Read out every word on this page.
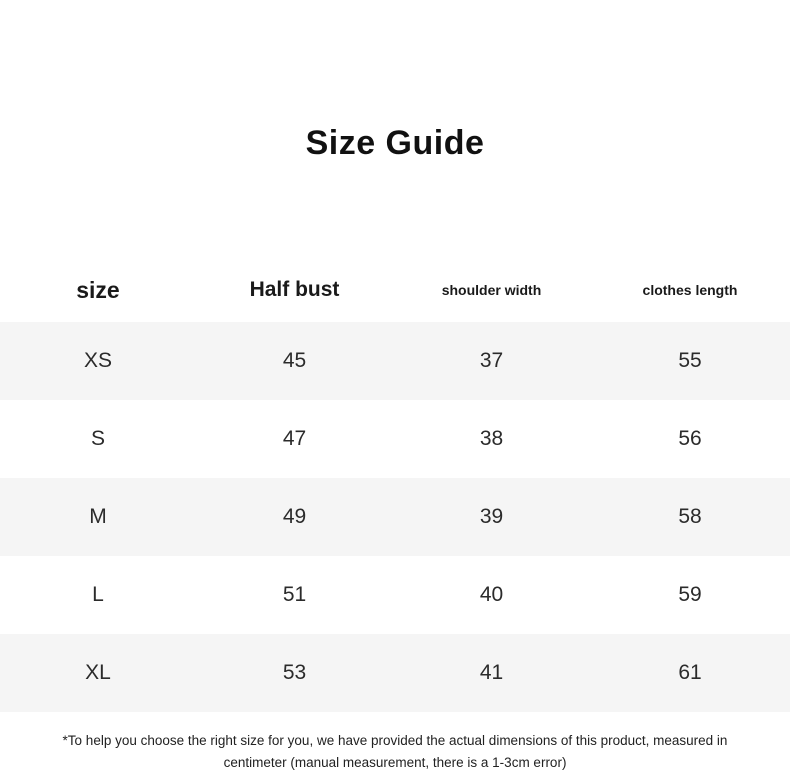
Size Guide
size	Half bust	shoulder width	clothes length
XS	45	37	55
S	47	38	56
M	49	39	58
L	51	40	59
XL	53	41	61
*To help you choose the right size for you, we have provided the actual dimensions of this product, measured in
centimeter (manual measurement, there is a 1-3cm error)
